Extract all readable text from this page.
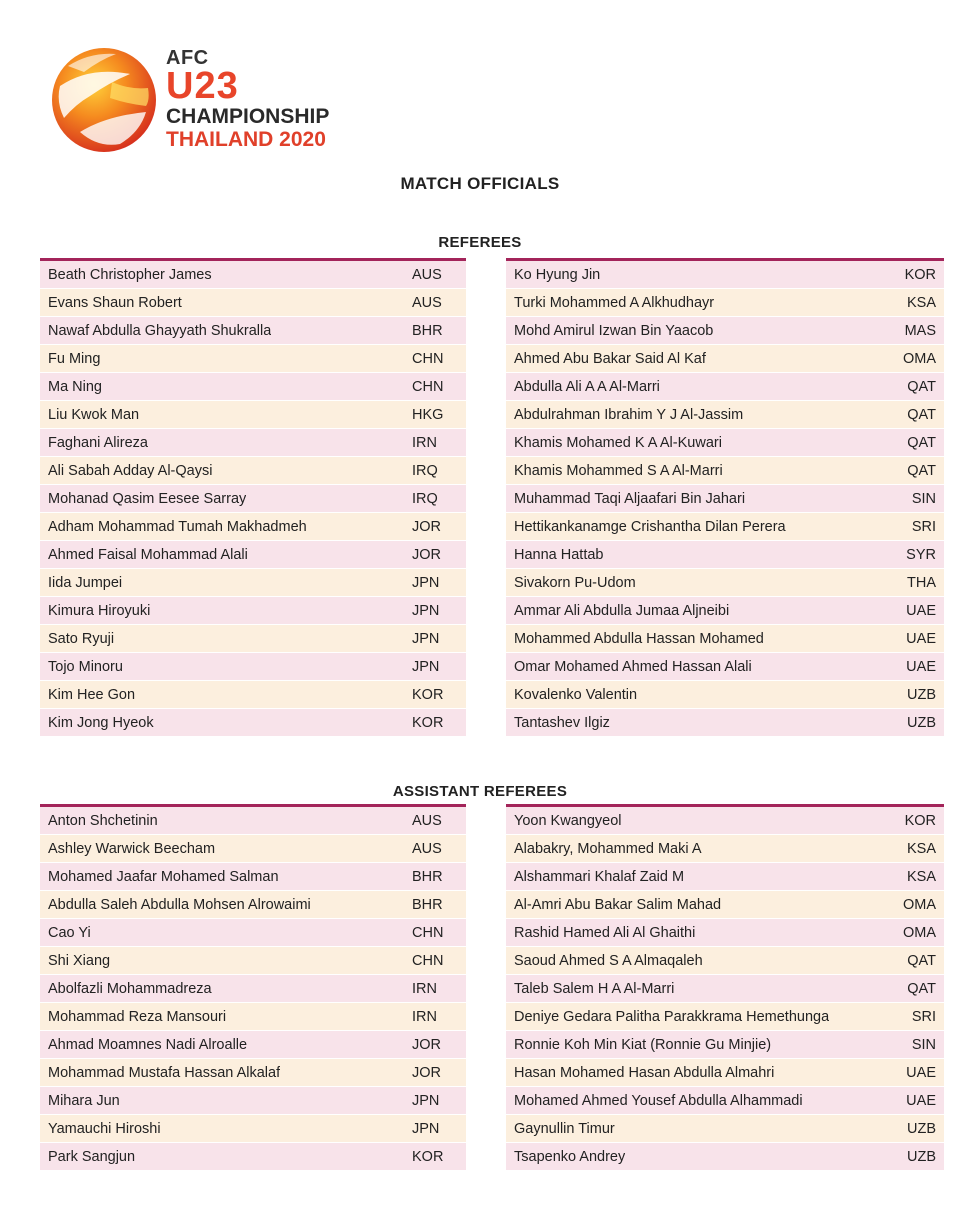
AFC
U23
CHAMPIONSHIP
THAILAND 2020
MATCH OFFICIALS
REFEREES
Beath Christopher James	AUS
Evans Shaun Robert	AUS
Nawaf Abdulla Ghayyath Shukralla	BHR
Fu Ming	CHN
Ma Ning	CHN
Liu Kwok Man	HKG
Faghani Alireza	IRN
Ali Sabah Adday Al-Qaysi	IRQ
Mohanad Qasim Eesee Sarray	IRQ
Adham Mohammad Tumah Makhadmeh	JOR
Ahmed Faisal Mohammad Alali	JOR
Iida Jumpei	JPN
Kimura Hiroyuki	JPN
Sato Ryuji	JPN
Tojo Minoru	JPN
Kim Hee Gon	KOR
Kim Jong Hyeok	KOR
Ko Hyung Jin	KOR
Turki Mohammed A Alkhudhayr	KSA
Mohd Amirul Izwan Bin Yaacob	MAS
Ahmed Abu Bakar Said Al Kaf	OMA
Abdulla Ali A A Al-Marri	QAT
Abdulrahman Ibrahim Y J Al-Jassim	QAT
Khamis Mohamed K A Al-Kuwari	QAT
Khamis Mohammed S A Al-Marri	QAT
Muhammad Taqi Aljaafari Bin Jahari	SIN
Hettikankanamge Crishantha Dilan Perera	SRI
Hanna Hattab	SYR
Sivakorn Pu-Udom	THA
Ammar Ali Abdulla Jumaa Aljneibi	UAE
Mohammed Abdulla Hassan Mohamed	UAE
Omar Mohamed Ahmed Hassan Alali	UAE
Kovalenko Valentin	UZB
Tantashev Ilgiz	UZB
ASSISTANT REFEREES
Anton Shchetinin	AUS
Ashley Warwick Beecham	AUS
Mohamed Jaafar Mohamed Salman	BHR
Abdulla Saleh Abdulla Mohsen Alrowaimi	BHR
Cao Yi	CHN
Shi Xiang	CHN
Abolfazli Mohammadreza	IRN
Mohammad Reza Mansouri	IRN
Ahmad Moamnes Nadi Alroalle	JOR
Mohammad Mustafa Hassan Alkalaf	JOR
Mihara Jun	JPN
Yamauchi Hiroshi	JPN
Park Sangjun	KOR
Yoon Kwangyeol	KOR
Alabakry, Mohammed Maki A	KSA
Alshammari Khalaf Zaid M	KSA
Al-Amri Abu Bakar Salim Mahad	OMA
Rashid Hamed Ali Al Ghaithi	OMA
Saoud Ahmed S A Almaqaleh	QAT
Taleb Salem H A Al-Marri	QAT
Deniye Gedara Palitha Parakkrama Hemethunga	SRI
Ronnie Koh Min Kiat (Ronnie Gu Minjie)	SIN
Hasan Mohamed Hasan Abdulla Almahri	UAE
Mohamed Ahmed Yousef Abdulla Alhammadi	UAE
Gaynullin Timur	UZB
Tsapenko Andrey	UZB
